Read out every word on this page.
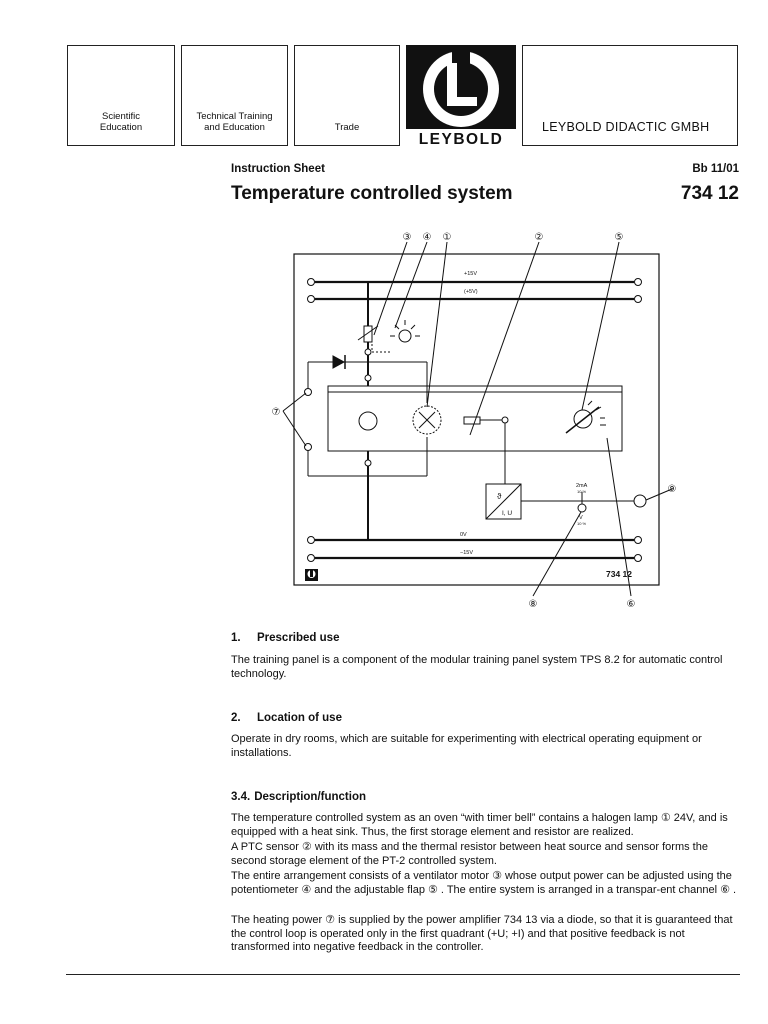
Scientific
Education
Technical Training
and Education	Trade
LEYBOLD
LEYBOLD DIDACTIC GMBH
Instruction Sheet	Bb 11/01
Temperature controlled system	734 12
③ ④ ①	②	⑤
⑦
⑨
⑧	⑥
+15V
(+5V)
0V
−15V
2mA
10 %
V
10 %
ϑ
I, U
734 12
1. Prescribed use

The training panel is a component of the modular training panel system TPS 8.2 for automatic control technology.

2. Location of use

Operate in dry rooms, which are suitable for experimenting with electrical operating equipment or installations.

3.4. Description/function

The temperature controlled system as an oven “with timer bell” contains a halogen lamp ① 24V, and is equipped with a heat sink. Thus, the first storage element and resistor are realized.

A PTC sensor ② with its mass and the thermal resistor between heat source and sensor forms the second storage element of the PT-2 controlled system.

The entire arrangement consists of a ventilator motor ③ whose output power can be adjusted using the potentiometer ④ and the adjustable flap ⑤ . The entire system is arranged in a transpar-ent channel ⑥ .

The heating power ⑦ is supplied by the power amplifier 734 13 via a diode, so that it is guaranteed that the control loop is operated only in the first quadrant (+U; +I) and that positive feedback is not transformed into negative feedback in the controller.
